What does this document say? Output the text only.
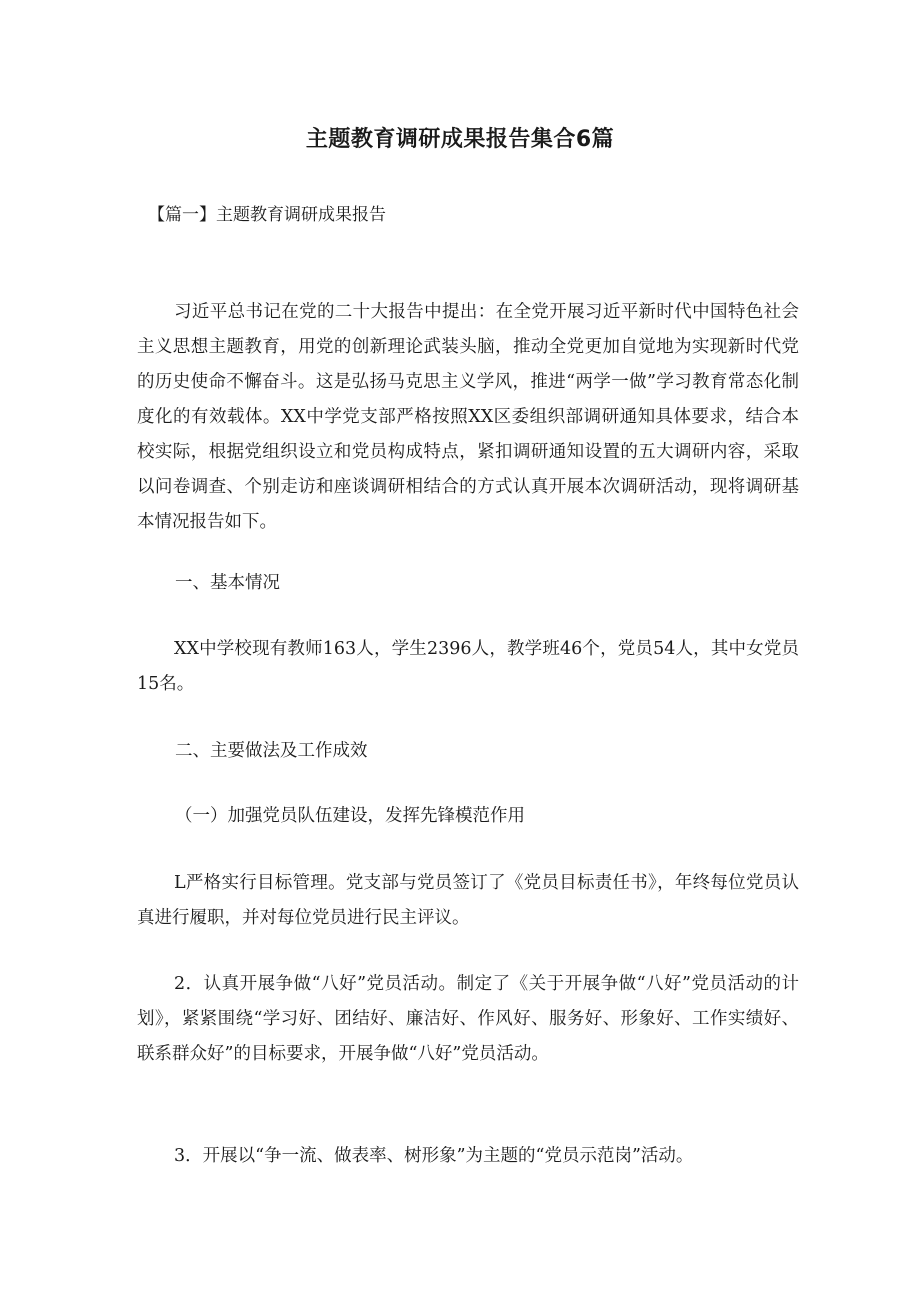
主题教育调研成果报告集合6篇
【篇一】主题教育调研成果报告

习近平总书记在党的二十大报告中提出：在全党开展习近平新时代中国特色社会主义思想主题教育，用党的创新理论武装头脑，推动全党更加自觉地为实现新时代党的历史使命不懈奋斗。这是弘扬马克思主义学风，推进“两学一做”学习教育常态化制度化的有效载体。XX中学党支部严格按照XX区委组织部调研通知具体要求，结合本校实际，根据党组织设立和党员构成特点，紧扣调研通知设置的五大调研内容，采取以问卷调查、个别走访和座谈调研相结合的方式认真开展本次调研活动，现将调研基本情况报告如下。

一、基本情况

XX中学校现有教师163人，学生2396人，教学班46个，党员54人，其中女党员15名。

二、主要做法及工作成效

（一）加强党员队伍建设，发挥先锋模范作用

L严格实行目标管理。党支部与党员签订了《党员目标责任书》，年终每位党员认真进行履职，并对每位党员进行民主评议。

2．认真开展争做“八好”党员活动。制定了《关于开展争做“八好”党员活动的计划》，紧紧围绕“学习好、团结好、廉洁好、作风好、服务好、形象好、工作实绩好、联系群众好”的目标要求，开展争做“八好”党员活动。

3．开展以“争一流、做表率、树形象”为主题的“党员示范岗”活动。
